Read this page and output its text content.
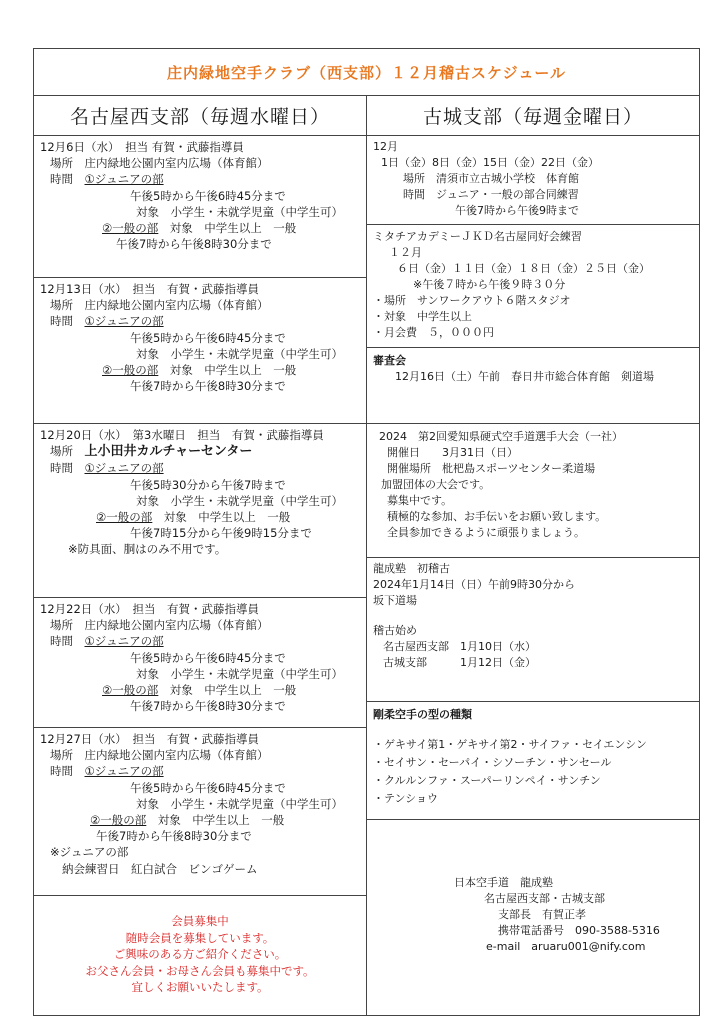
庄内緑地空手クラブ（西支部）１２月稽古スケジュール
名古屋西支部（毎週水曜日）	古城支部（毎週金曜日）
12月6日（水）　担当 有賀・武藤指導員
場所　庄内緑地公園内室内広場（体育館）
時間　①ジュニアの部
午後5時から午後6時45分まで
対象　小学生・未就学児童（中学生可）
②一般の部　対象　中学生以上　一般
午後7時から午後8時30分まで
12月13日（水）　担当　有賀・武藤指導員
場所　庄内緑地公園内室内広場（体育館）
時間　①ジュニアの部
午後5時から午後6時45分まで
対象　小学生・未就学児童（中学生可）
②一般の部　対象　中学生以上　一般
午後7時から午後8時30分まで
12月20日（水）　第3水曜日　担当　有賀・武藤指導員
場所　上小田井カルチャーセンター
時間　①ジュニアの部
午後5時30分から午後7時まで
対象　小学生・未就学児童（中学生可）
②一般の部　対象　中学生以上　一般
午後7時15分から午後9時15分まで
※防具面、胴はのみ不用です。
12月22日（水）　担当　有賀・武藤指導員
場所　庄内緑地公園内室内広場（体育館）
時間　①ジュニアの部
午後5時から午後6時45分まで
対象　小学生・未就学児童（中学生可）
②一般の部　対象　中学生以上　一般
午後7時から午後8時30分まで
12月27日（水）　担当　有賀・武藤指導員
場所　庄内緑地公園内室内広場（体育館）
時間　①ジュニアの部
午後5時から午後6時45分まで
対象　小学生・未就学児童（中学生可）
②一般の部　対象　中学生以上　一般
午後7時から午後8時30分まで
※ジュニアの部
納会練習日　紅白試合　ビンゴゲーム
会員募集中
随時会員を募集しています。
ご興味のある方ご紹介ください。
お父さん会員・お母さん会員も募集中です。
宜しくお願いいたします。
12月
1日（金）8日（金）15日（金）22日（金）
場所　清須市立古城小学校　体育館
時間　ジュニア・一般の部合同練習
午後7時から午後9時まで
ミタチアカデミーＪＫＤ名古屋同好会練習
１２月
６日（金）１１日（金）１８日（金）２５日（金）
※午後７時から午後９時３０分
・場所　サンワークアウト６階スタジオ
・対象　中学生以上
・月会費　５，０００円
審査会
12月16日（土）午前　春日井市総合体育館　剣道場
2024　第2回愛知県硬式空手道選手大会（一社）
開催日　　3月31日（日）
開催場所　枇杷島スポーツセンター柔道場
加盟団体の大会です。
募集中です。
積極的な参加、お手伝いをお願い致します。
全員参加できるように頑張りましょう。
龍成塾　初稽古
2024年1月14日（日）午前9時30分から
坂下道場
稽古始め
名古屋西支部　1月10日（水）
古城支部　　　1月12日（金）
剛柔空手の型の種類
・ゲキサイ第1・ゲキサイ第2・サイファ・セイエンシン
・セイサン・セーパイ・シソーチン・サンセール
・クルルンファ・スーパーリンペイ・サンチン
・テンショウ
日本空手道　龍成塾
名古屋西支部・古城支部
支部長　有賀正孝
携帯電話番号　090-3588-5316
e-mail　aruaru001@nify.com
